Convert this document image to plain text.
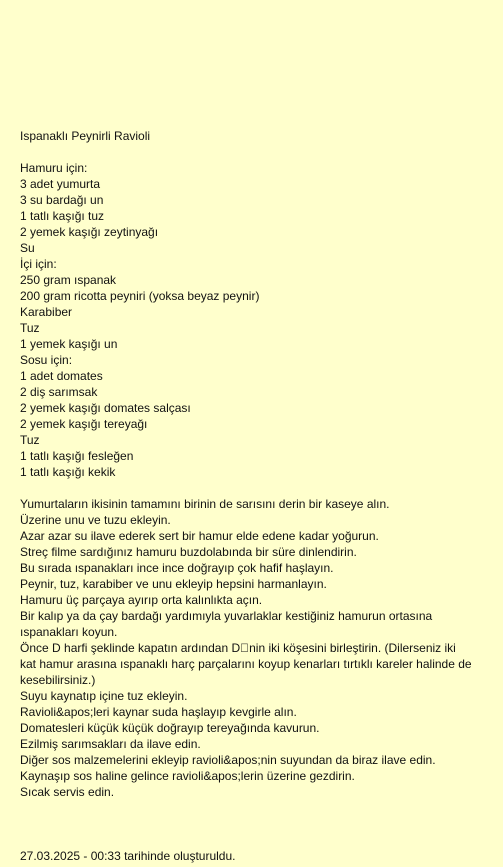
Ispanaklı Peynirli Ravioli
Hamuru için:
3 adet yumurta
3 su bardağı un
1 tatlı kaşığı tuz
2 yemek kaşığı zeytinyağı
Su
İçi için:
250 gram ıspanak
200 gram ricotta peyniri (yoksa beyaz peynir)
Karabiber
Tuz
1 yemek kaşığı un
Sosu için:
1 adet domates
2 diş sarımsak
2 yemek kaşığı domates salçası
2 yemek kaşığı tereyağı
Tuz
1 tatlı kaşığı fesleğen
1 tatlı kaşığı kekik
Yumurtaların ikisinin tamamını birinin de sarısını derin bir kaseye alın.
Üzerine unu ve tuzu ekleyin.
Azar azar su ilave ederek sert bir hamur elde edene kadar yoğurun.
Streç filme sardığınız hamuru buzdolabında bir süre dinlendirin.
Bu sırada ıspanakları ince ince doğrayıp çok hafif haşlayın.
Peynir, tuz, karabiber ve unu ekleyip hepsini harmanlayın.
Hamuru üç parçaya ayırıp orta kalınlıkta açın.
Bir kalıp ya da çay bardağı yardımıyla yuvarlaklar kestiğiniz hamurun ortasına ıspanakları koyun.
Önce D harfi şeklinde kapatın ardından D nin iki köşesini birleştirin. (Dilerseniz iki kat hamur arasına ıspanaklı harç parçalarını koyup kenarları tırtıklı kareler halinde de kesebilirsiniz.)
Suyu kaynatıp içine tuz ekleyin.
Ravioli&apos;leri kaynar suda haşlayıp kevgirle alın.
Domatesleri küçük küçük doğrayıp tereyağında kavurun.
Ezilmiş sarımsakları da ilave edin.
Diğer sos malzemelerini ekleyip ravioli&apos;nin suyundan da biraz ilave edin.
Kaynaşıp sos haline gelince ravioli&apos;lerin üzerine gezdirin.
Sıcak servis edin.
27.03.2025 - 00:33 tarihinde oluşturuldu.
